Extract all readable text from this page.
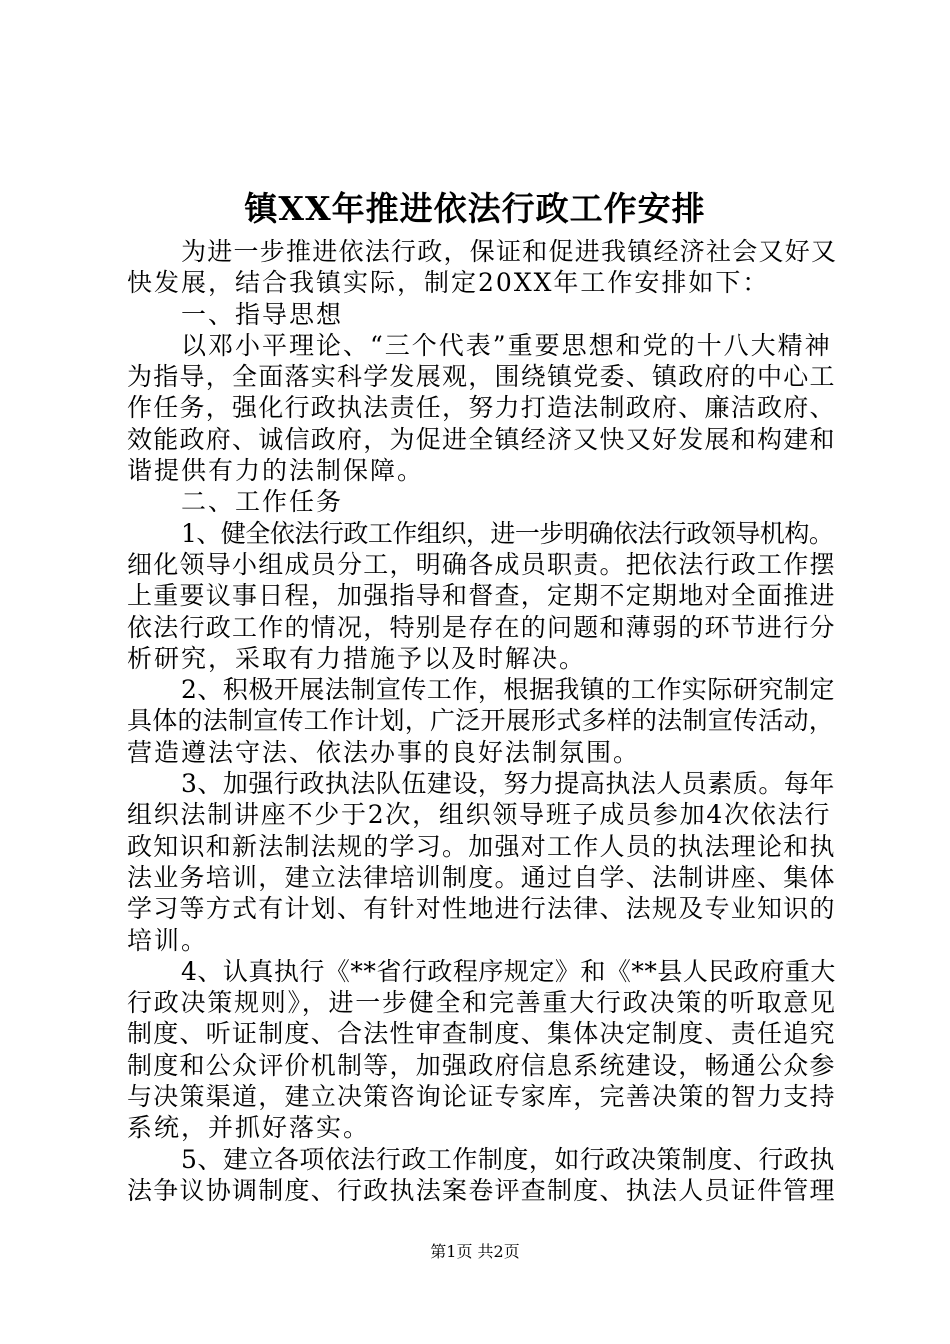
镇XX年推进依法行政工作安排
为进一步推进依法行政，保证和促进我镇经济社会又好又
快发展，结合我镇实际，制定20XX年工作安排如下：
一、指导思想
以邓小平理论、“三个代表”重要思想和党的十八大精神
为指导，全面落实科学发展观，围绕镇党委、镇政府的中心工
作任务，强化行政执法责任，努力打造法制政府、廉洁政府、
效能政府、诚信政府，为促进全镇经济又快又好发展和构建和
谐提供有力的法制保障。
二、工作任务
1、健全依法行政工作组织，进一步明确依法行政领导机构。
细化领导小组成员分工，明确各成员职责。把依法行政工作摆
上重要议事日程，加强指导和督查，定期不定期地对全面推进
依法行政工作的情况，特别是存在的问题和薄弱的环节进行分
析研究，采取有力措施予以及时解决。
2、积极开展法制宣传工作，根据我镇的工作实际研究制定
具体的法制宣传工作计划，广泛开展形式多样的法制宣传活动，
营造遵法守法、依法办事的良好法制氛围。
3、加强行政执法队伍建设，努力提高执法人员素质。每年
组织法制讲座不少于2次，组织领导班子成员参加4次依法行
政知识和新法制法规的学习。加强对工作人员的执法理论和执
法业务培训，建立法律培训制度。通过自学、法制讲座、集体
学习等方式有计划、有针对性地进行法律、法规及专业知识的
培训。
4、认真执行《**省行政程序规定》和《**县人民政府重大
行政决策规则》，进一步健全和完善重大行政决策的听取意见
制度、听证制度、合法性审查制度、集体决定制度、责任追究
制度和公众评价机制等，加强政府信息系统建设，畅通公众参
与决策渠道，建立决策咨询论证专家库，完善决策的智力支持
系统，并抓好落实。
5、建立各项依法行政工作制度，如行政决策制度、行政执
法争议协调制度、行政执法案卷评查制度、执法人员证件管理
第1页 共2页
